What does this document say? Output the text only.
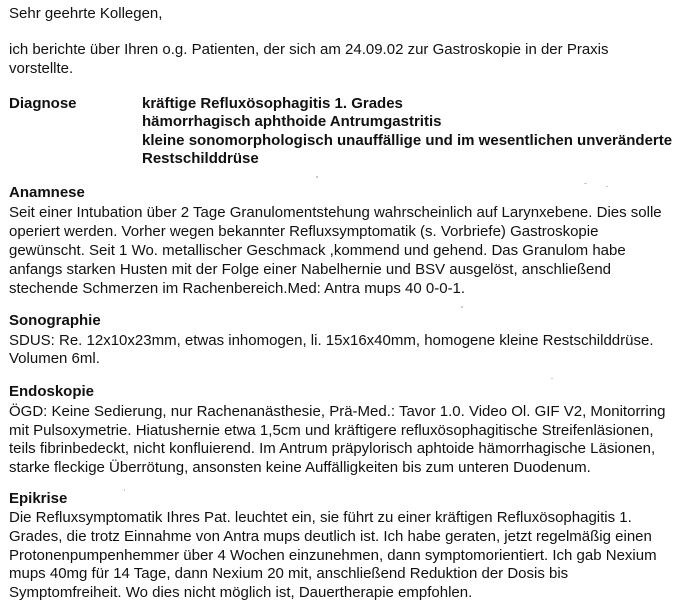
Sehr geehrte Kollegen,
ich berichte über Ihren o.g. Patienten, der sich am 24.09.02 zur Gastroskopie in der Praxis
vorstellte.
Diagnose	kräftige Refluxösophagitis 1. Grades
hämorrhagisch aphthoide Antrumgastritis
kleine sonomorphologisch unauffällige und im wesentlichen unveränderte
Restschilddrüse
Anamnese
Seit einer Intubation über 2 Tage Granulomentstehung wahrscheinlich auf Larynxebene. Dies solle
operiert werden. Vorher wegen bekannter Refluxsymptomatik (s. Vorbriefe) Gastroskopie
gewünscht. Seit 1 Wo. metallischer Geschmack ,kommend und gehend. Das Granulom habe
anfangs starken Husten mit der Folge einer Nabelhernie und BSV ausgelöst, anschließend
stechende Schmerzen im Rachenbereich.Med: Antra mups 40 0-0-1.
Sonographie
SDUS: Re. 12x10x23mm, etwas inhomogen, li. 15x16x40mm, homogene kleine Restschilddrüse.
Volumen 6ml.
Endoskopie
ÖGD: Keine Sedierung, nur Rachenanästhesie, Prä-Med.: Tavor 1.0. Video Ol. GIF V2, Monitorring
mit Pulsoxymetrie. Hiatushernie etwa 1,5cm und kräftigere refluxösophagitische Streifenläsionen,
teils fibrinbedeckt, nicht konfluierend. Im Antrum präpylorisch aphtoide hämorrhagische Läsionen,
starke fleckige Überrötung, ansonsten keine Auffälligkeiten bis zum unteren Duodenum.
Epikrise
Die Refluxsymptomatik Ihres Pat. leuchtet ein, sie führt zu einer kräftigen Refluxösophagitis 1.
Grades, die trotz Einnahme von Antra mups deutlich ist. Ich habe geraten, jetzt regelmäßig einen
Protonenpumpenhemmer über 4 Wochen einzunehmen, dann symptomorientiert. Ich gab Nexium
mups 40mg für 14 Tage, dann Nexium 20 mit, anschließend Reduktion der Dosis bis
Symptomfreiheit. Wo dies nicht möglich ist, Dauertherapie empfohlen.
